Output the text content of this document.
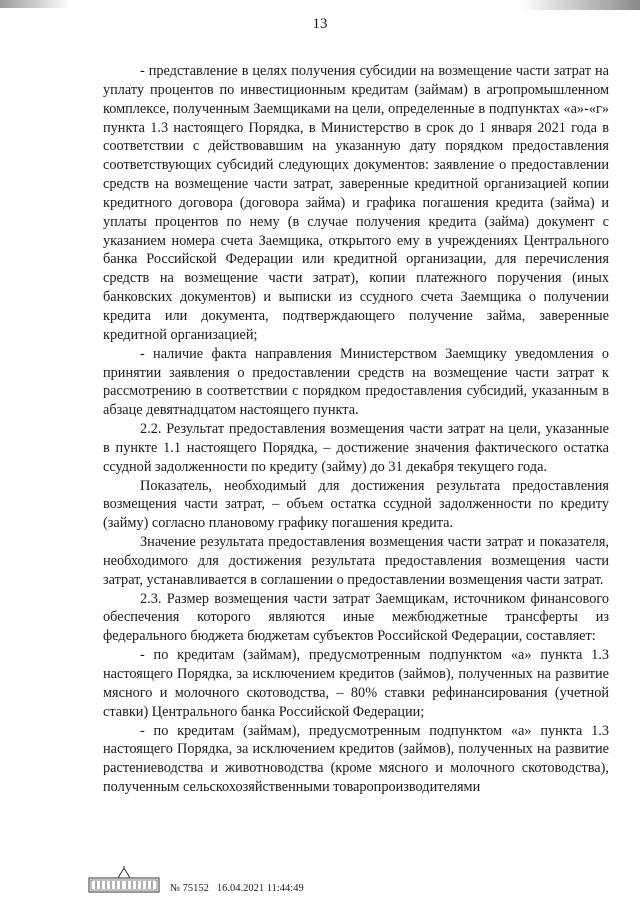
13

- представление в целях получения субсидии на возмещение части затрат на уплату процентов по инвестиционным кредитам (займам) в агропромышленном комплексе, полученным Заемщиками на цели, определенные в подпунктах «а»-«г» пункта 1.3 настоящего Порядка, в Министерство в срок до 1 января 2021 года в соответствии с действовавшим на указанную дату порядком предоставления соответствующих субсидий следующих документов: заявление о предоставлении средств на возмещение части затрат, заверенные кредитной организацией копии кредитного договора (договора займа) и графика погашения кредита (займа) и уплаты процентов по нему (в случае получения кредита (займа) документ с указанием номера счета Заемщика, открытого ему в учреждениях Центрального банка Российской Федерации или кредитной организации, для перечисления средств на возмещение части затрат), копии платежного поручения (иных банковских документов) и выписки из ссудного счета Заемщика о получении кредита или документа, подтверждающего получение займа, заверенные кредитной организацией;

- наличие факта направления Министерством Заемщику уведомления о принятии заявления о предоставлении средств на возмещение части затрат к рассмотрению в соответствии с порядком предоставления субсидий, указанным в абзаце девятнадцатом настоящего пункта.

2.2. Результат предоставления возмещения части затрат на цели, указанные в пункте 1.1 настоящего Порядка, – достижение значения фактического остатка ссудной задолженности по кредиту (займу) до 31 декабря текущего года.

Показатель, необходимый для достижения результата предоставления возмещения части затрат, – объем остатка ссудной задолженности по кредиту (займу) согласно плановому графику погашения кредита.

Значение результата предоставления возмещения части затрат и показателя, необходимого для достижения результата предоставления возмещения части затрат, устанавливается в соглашении о предоставлении возмещения части затрат.

2.3. Размер возмещения части затрат Заемщикам, источником финансового обеспечения которого являются иные межбюджетные трансферты из федерального бюджета бюджетам субъектов Российской Федерации, составляет:

- по кредитам (займам), предусмотренным подпунктом «а» пункта 1.3 настоящего Порядка, за исключением кредитов (займов), полученных на развитие мясного и молочного скотоводства, – 80% ставки рефинансирования (учетной ставки) Центрального банка Российской Федерации;

- по кредитам (займам), предусмотренным подпунктом «а» пункта 1.3 настоящего Порядка, за исключением кредитов (займов), полученных на развитие растениеводства и животноводства (кроме мясного и молочного скотоводства), полученным сельскохозяйственными товаропроизводителями

№ 75152 16.04.2021 11:44:49
